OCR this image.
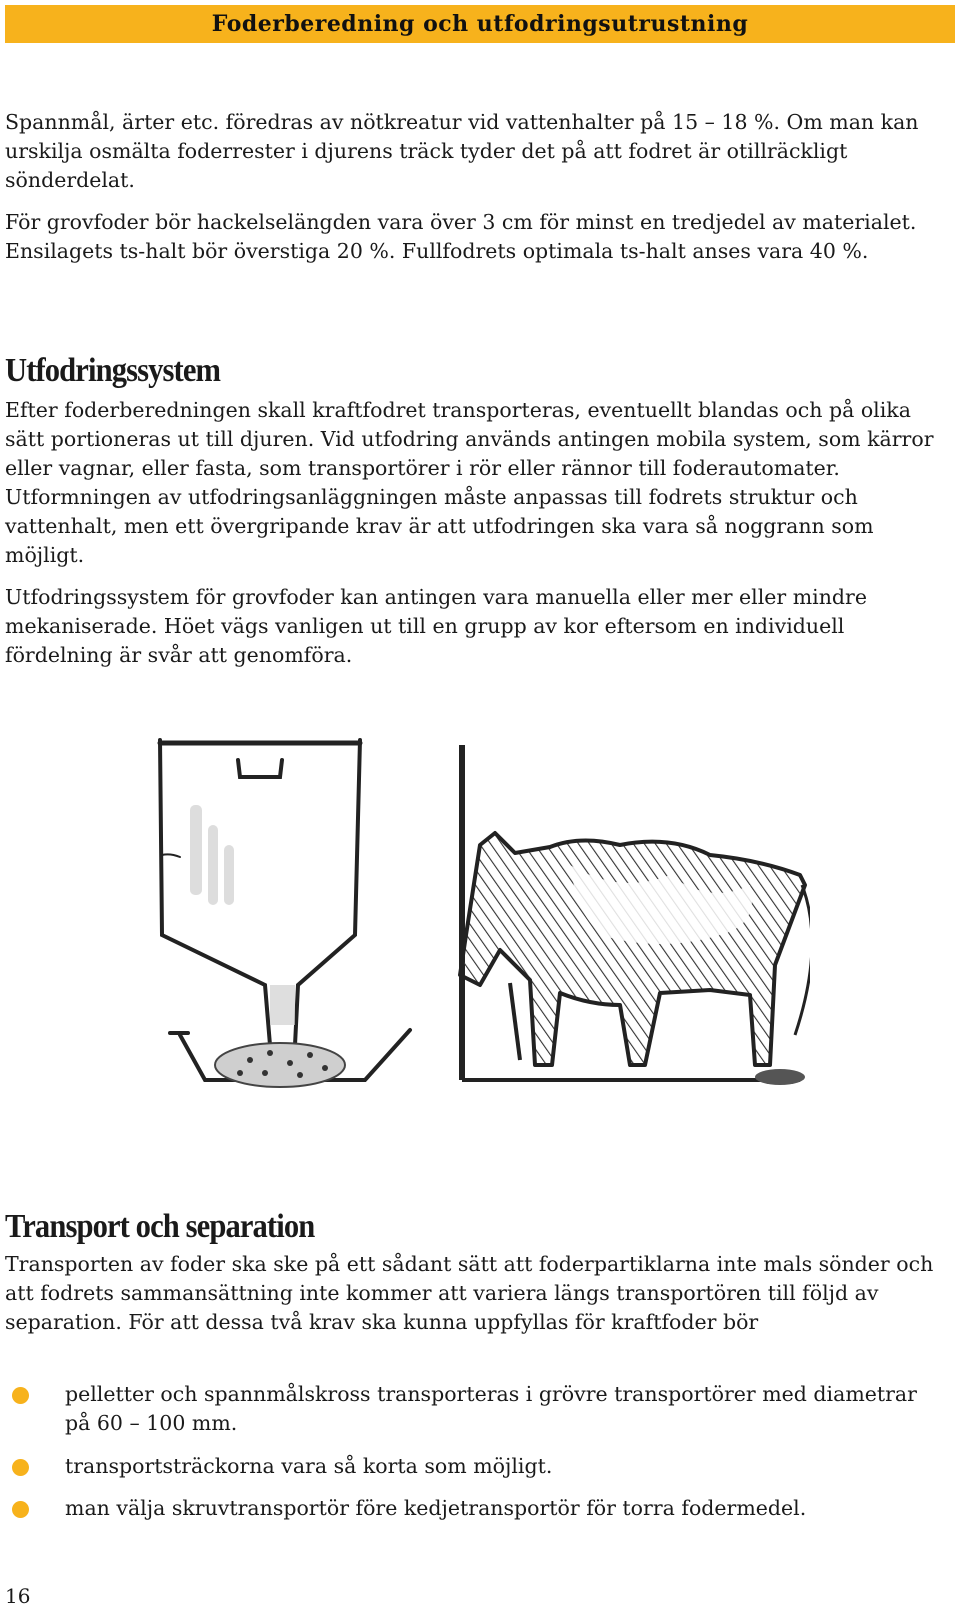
Foderberedning och utfodringsutrustning

Spannmål, ärter etc. föredras av nötkreatur vid vattenhalter på 15 – 18 %. Om man kan urskilja osmälta foderrester i djurens träck tyder det på att fodret är otillräckligt sönderdelat.

För grovfoder bör hackelselängden vara över 3 cm för minst en tredjedel av materialet. Ensilagets ts-halt bör överstiga 20 %. Fullfodrets optimala ts-halt anses vara 40 %.

Utfodringssystem

Efter foderberedningen skall kraftfodret transporteras, eventuellt blandas och på olika sätt portioneras ut till djuren. Vid utfodring används antingen mobila system, som kärror eller vagnar, eller fasta, som transportörer i rör eller rännor till foderautomater. Utformningen av utfodringsanläggningen måste anpassas till fodrets struktur och vattenhalt, men ett övergripande krav är att utfodringen ska vara så noggrann som möjligt.

Utfodringssystem för grovfoder kan antingen vara manuella eller mer eller mindre mekaniserade. Höet vägs vanligen ut till en grupp av kor eftersom en individuell fördelning är svår att genomföra.

Transport och separation

Transporten av foder ska ske på ett sådant sätt att foderpartiklarna inte mals sönder och att fodrets sammansättning inte kommer att variera längs transportören till följd av separation. För att dessa två krav ska kunna uppfyllas för kraftfoder bör

pelletter och spannmålskross transporteras i grövre transportörer med diametrar på 60 – 100 mm.
transportsträckorna vara så korta som möjligt.
man välja skruvtransportör före kedjetransportör för torra fodermedel.
16
